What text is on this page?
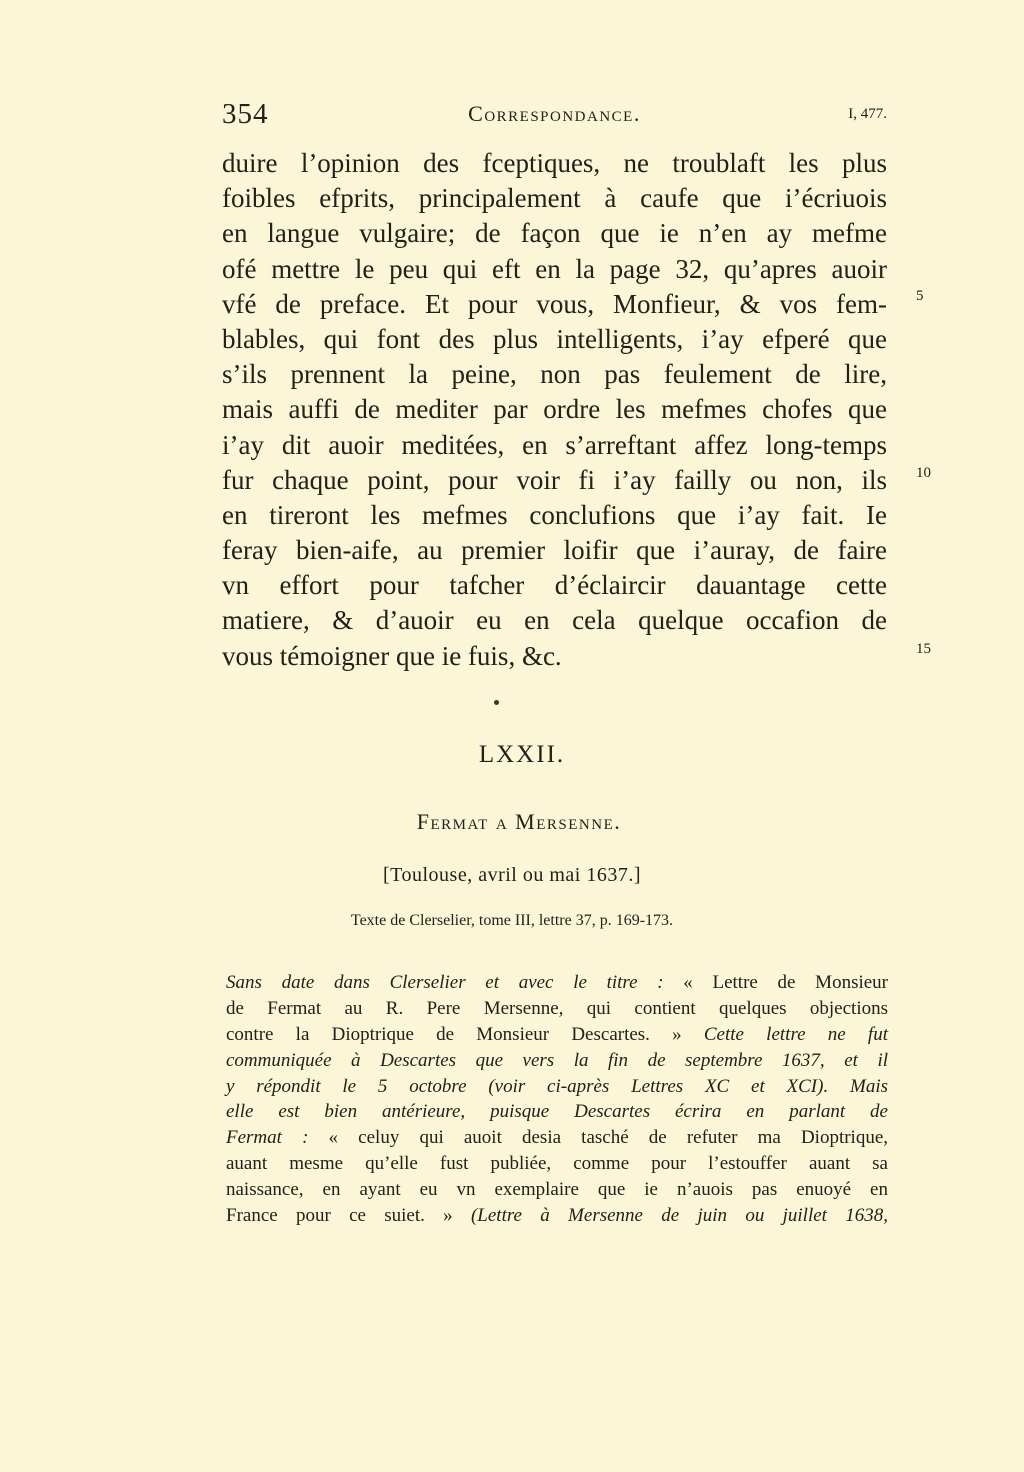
354	Correspondance.	I, 477.
duire l’opinion des fceptiques, ne troublaft les plus
foibles efprits, principalement à caufe que i’écriuois
en langue vulgaire; de façon que ie n’en ay mefme
ofé mettre le peu qui eft en la page 32, qu’apres auoir
vfé de preface. Et pour vous, Monfieur, & vos fem-
blables, qui font des plus intelligents, i’ay efperé que
s’ils prennent la peine, non pas feulement de lire,
mais auffi de mediter par ordre les mefmes chofes que
i’ay dit auoir meditées, en s’arreftant affez long-temps
fur chaque point, pour voir fi i’ay failly ou non, ils
en tireront les mefmes conclufions que i’ay fait. Ie
feray bien-aife, au premier loifir que i’auray, de faire
vn effort pour tafcher d’éclaircir dauantage cette
matiere, & d’auoir eu en cela quelque occafion de
vous témoigner que ie fuis, &c.
5
10
15
LXXII.
Fermat a Mersenne.
[Toulouse, avril ou mai 1637.]
Texte de Clerselier, tome III, lettre 37, p. 169-173.
Sans date dans Clerselier et avec le titre : « Lettre de Monsieur
de Fermat au R. Pere Mersenne, qui contient quelques objections
contre la Dioptrique de Monsieur Descartes. » Cette lettre ne fut
communiquée à Descartes que vers la fin de septembre 1637, et il
y répondit le 5 octobre (voir ci-après Lettres XC et XCI). Mais
elle est bien antérieure, puisque Descartes écrira en parlant de
Fermat : « celuy qui auoit desia tasché de refuter ma Dioptrique,
auant mesme qu’elle fust publiée, comme pour l’estouffer auant sa
naissance, en ayant eu vn exemplaire que ie n’auois pas enuoyé en
France pour ce suiet. » (Lettre à Mersenne de juin ou juillet 1638,
